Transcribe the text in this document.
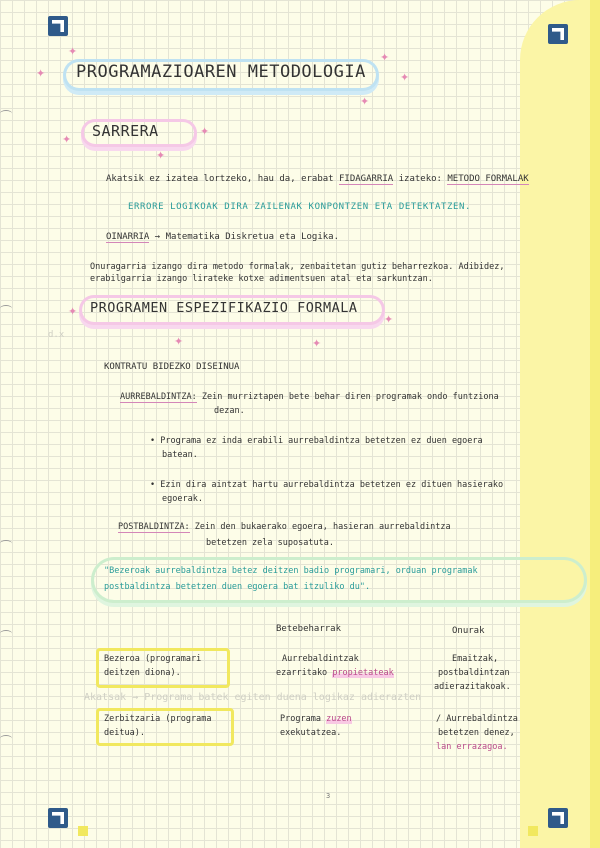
PROGRAMAZIOAREN METODOLOGIA
✦
✦
✦
✦
✦
SARRERA
✦
✦
✦
Akatsik ez izatea lortzeko, hau da, erabat FIDAGARRIA izateko: METODO FORMALAK
ERRORE LOGIKOAK DIRA ZAILENAK KONPONTZEN ETA DETEKTATZEN.
OINARRIA → Matematika Diskretua eta Logika.
Onuragarria izango dira metodo formalak, zenbaitetan gutiz beharrezkoa. Adibidez,
erabilgarria izango lirateke kotxe adimentsuen atal eta sarkuntzan.
PROGRAMEN ESPEZIFIKAZIO FORMALA
✦
✦
✦	✦
d.x
KONTRATU BIDEZKO DISEINUA
AURREBALDINTZA: Zein murriztapen bete behar diren programak ondo funtziona
dezan.
• Programa ez inda erabili aurrebaldintza betetzen ez duen egoera
batean.
• Ezin dira aintzat hartu aurrebaldintza betetzen ez dituen hasierako
egoerak.
POSTBALDINTZA: Zein den bukaerako egoera, hasieran aurrebaldintza
betetzen zela suposatuta.
"Bezeroak aurrebaldintza betez deitzen badio programari, orduan programak
postbaldintza betetzen duen egoera bat itzuliko du".
Betebeharrak	Onurak
Bezeroa (programari
deitzen diona).
Aurrebaldintzak
ezarritako propietateak
Emaitzak,
postbaldintzan
adierazitakoak.
Akatsak → Programa batek egiten duena logikaz adierazten
Zerbitzaria (programa
deitua).
Programa zuzen
exekutatzea.
/ Aurrebaldintza
betetzen denez,
lan errazagoa.
3
